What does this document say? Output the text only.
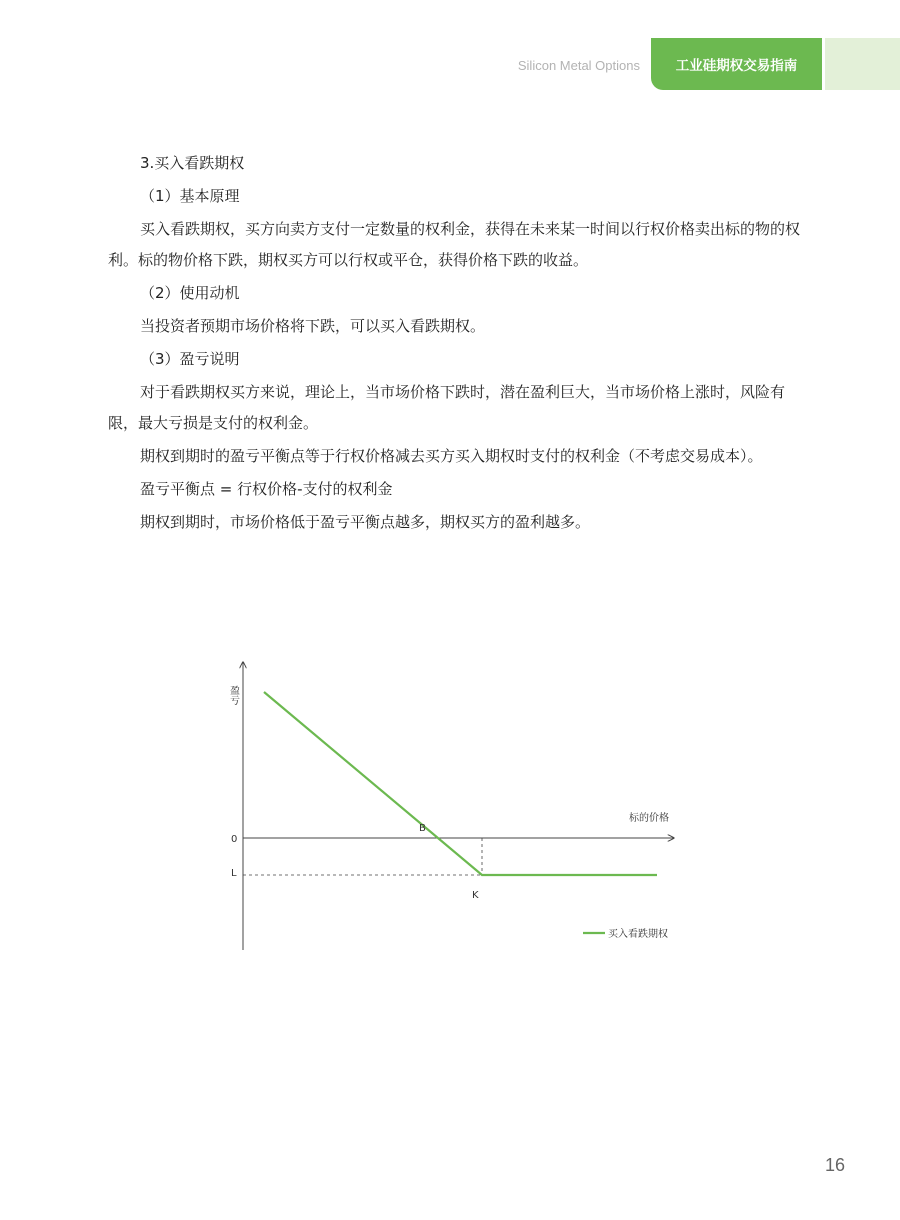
Silicon Metal Options	工业硅期权交易指南

3.买入看跌期权

（1）基本原理

买入看跌期权，买方向卖方支付一定数量的权利金，获得在未来某一时间以行权价格卖出标的物的权利。标的物价格下跌，期权买方可以行权或平仓，获得价格下跌的收益。

（2）使用动机

当投资者预期市场价格将下跌，可以买入看跌期权。

（3）盈亏说明

对于看跌期权买方来说，理论上，当市场价格下跌时，潜在盈利巨大，当市场价格上涨时，风险有限，最大亏损是支付的权利金。

期权到期时的盈亏平衡点等于行权价格减去买方买入期权时支付的权利金（不考虑交易成本）。

盈亏平衡点 = 行权价格-支付的权利金

期权到期时，市场价格低于盈亏平衡点越多，期权买方的盈利越多。

盈亏
标的价格
0
L
B
K
买入看跌期权
16
